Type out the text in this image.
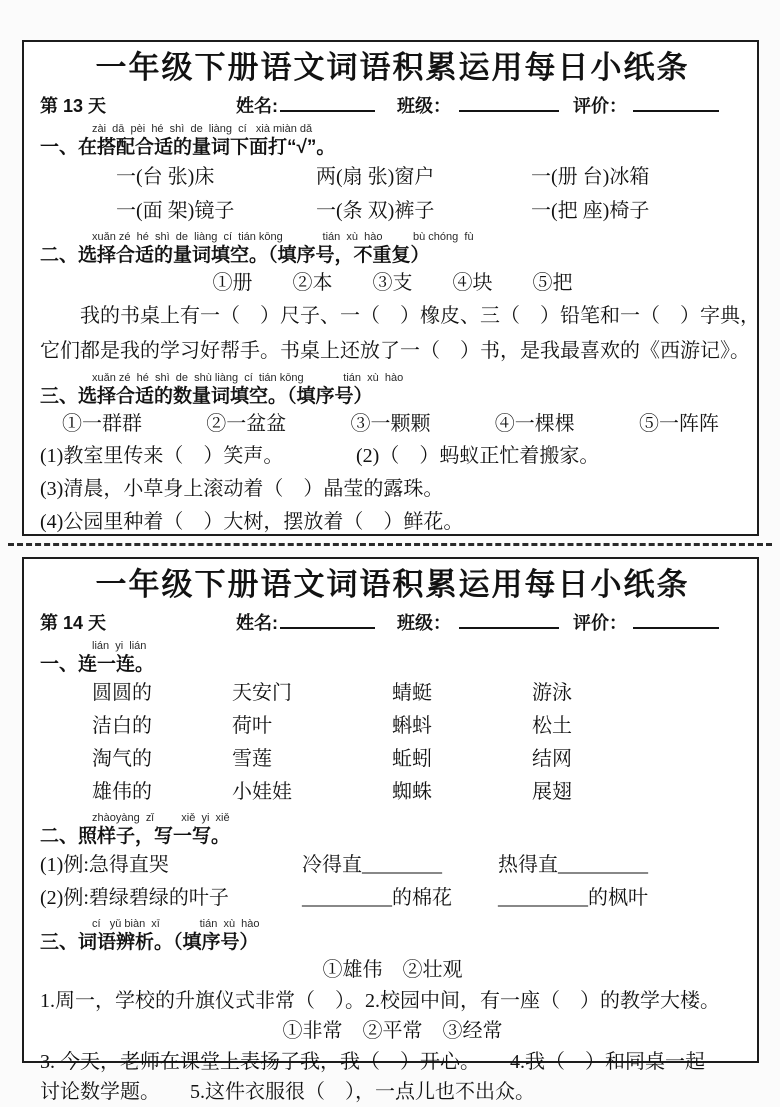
一年级下册语文词语积累运用每日小纸条
第 13 天	姓名:	班级：	评价：
zài  dā  pèi  hé  shì  de  liàng  cí   xià miàn dǎ
一、在搭配合适的量词下面打“√”。
一(台 张)床	两(扇 张)窗户	一(册 台)冰箱
一(面 架)镜子	一(条 双)裤子	一(把 座)椅子
xuǎn zé  hé  shì  de  liàng  cí  tián kōng             tián  xù  hào          bù chóng  fù
二、选择合适的量词填空。（填序号，不重复）
①册　　②本　　③支　　④块　　⑤把
我的书桌上有一（　）尺子、一（　）橡皮、三（　）铅笔和一（　）字典，
它们都是我的学习好帮手。书桌上还放了一（　）书，是我最喜欢的《西游记》。
xuǎn zé  hé  shì  de  shù liàng  cí  tián kōng             tián  xù  hào
三、选择合适的数量词填空。（填序号）
①一群群	②一盆盆	③一颗颗	④一棵棵	⑤一阵阵
(1)教室里传来（　）笑声。	(2)（　）蚂蚁正忙着搬家。
(3)清晨，小草身上滚动着（　）晶莹的露珠。
(4)公园里种着（　）大树，摆放着（　）鲜花。
一年级下册语文词语积累运用每日小纸条
第 14 天	姓名:	班级：	评价：
lián  yi  lián
一、连一连。
圆圆的	天安门	蜻蜓	游泳
洁白的	荷叶	蝌蚪	松土
淘气的	雪莲	蚯蚓	结网
雄伟的	小娃娃	蜘蛛	展翅
zhàoyàng  zǐ         xiě  yi  xiě
二、照样子，写一写。
(1)例:急得直哭	冷得直________	热得直_________
(2)例:碧绿碧绿的叶子	_________的棉花	_________的枫叶
cí   yǔ biàn  xī             tián  xù  hào
三、词语辨析。（填序号）
①雄伟　②壮观
1.周一，学校的升旗仪式非常（　）。2.校园中间，有一座（　）的教学大楼。
①非常　②平常　③经常
3. 今天，老师在课堂上表扬了我，我（　）开心。　　4.我（　）和同桌一起
讨论数学题。　　5.这件衣服很（　），一点儿也不出众。
